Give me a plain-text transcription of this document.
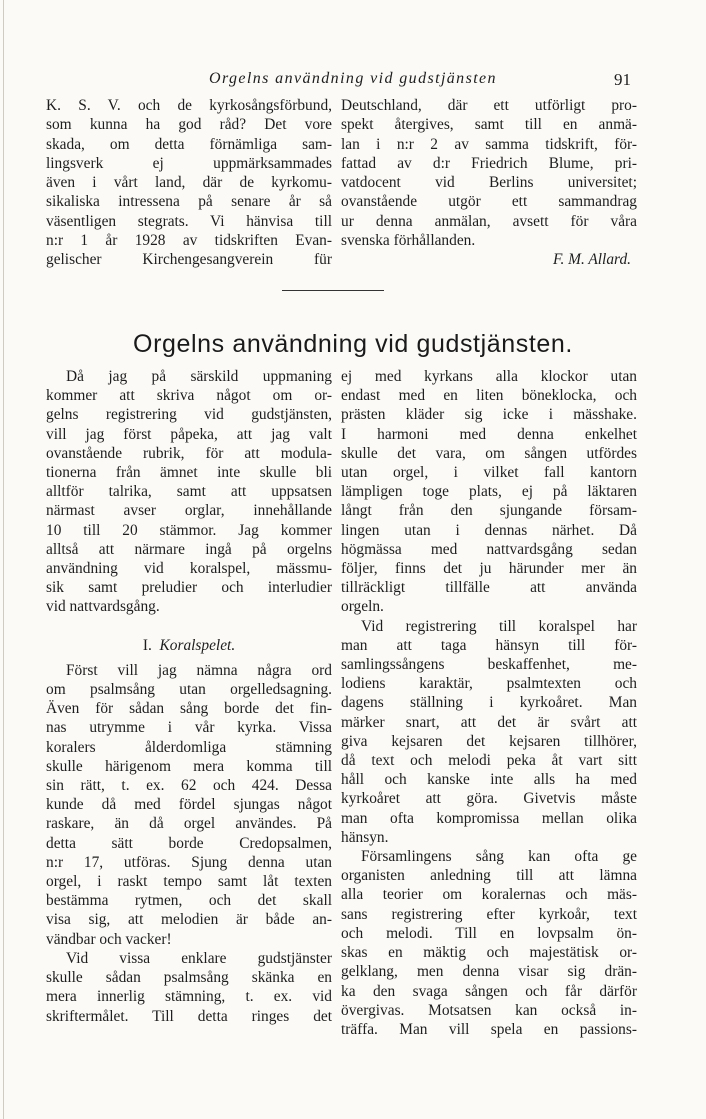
Orgelns användning vid gudstjänsten	91
K. S. V. och de kyrkosångsförbund,
som kunna ha god råd? Det vore
skada, om detta förnämliga sam-
lingsverk ej uppmärksammades
även i vårt land, där de kyrkomu-
sikaliska intressena på senare år så
väsentligen stegrats. Vi hänvisa till
n:r 1 år 1928 av tidskriften Evan-
gelischer Kirchengesangverein für
Deutschland, där ett utförligt pro-
spekt återgives, samt till en anmä-
lan i n:r 2 av samma tidskrift, för-
fattad av d:r Friedrich Blume, pri-
vatdocent vid Berlins universitet;
ovanstående utgör ett sammandrag
ur denna anmälan, avsett för våra
svenska förhållanden.
F. M. Allard.
Orgelns användning vid gudstjänsten.
Då jag på särskild uppmaning
kommer att skriva något om or-
gelns registrering vid gudstjänsten,
vill jag först påpeka, att jag valt
ovanstående rubrik, för att modula-
tionerna från ämnet inte skulle bli
alltför talrika, samt att uppsatsen
närmast avser orglar, innehållande
10 till 20 stämmor. Jag kommer
alltså att närmare ingå på orgelns
användning vid koralspel, mässmu-
sik samt preludier och interludier
vid nattvardsgång.
I. Koralspelet.
Först vill jag nämna några ord
om psalmsång utan orgelledsagning.
Även för sådan sång borde det fin-
nas utrymme i vår kyrka. Vissa
koralers ålderdomliga stämning
skulle härigenom mera komma till
sin rätt, t. ex. 62 och 424. Dessa
kunde då med fördel sjungas något
raskare, än då orgel användes. På
detta sätt borde Credopsalmen,
n:r 17, utföras. Sjung denna utan
orgel, i raskt tempo samt låt texten
bestämma rytmen, och det skall
visa sig, att melodien är både an-
vändbar och vacker!
Vid vissa enklare gudstjänster
skulle sådan psalmsång skänka en
mera innerlig stämning, t. ex. vid
skriftermålet. Till detta ringes det
ej med kyrkans alla klockor utan
endast med en liten böneklocka, och
prästen kläder sig icke i mässhake.
I harmoni med denna enkelhet
skulle det vara, om sången utfördes
utan orgel, i vilket fall kantorn
lämpligen toge plats, ej på läktaren
långt från den sjungande försam-
lingen utan i dennas närhet. Då
högmässa med nattvardsgång sedan
följer, finns det ju härunder mer än
tillräckligt tillfälle att använda
orgeln.
Vid registrering till koralspel har
man att taga hänsyn till för-
samlingssångens beskaffenhet, me-
lodiens karaktär, psalmtexten och
dagens ställning i kyrkoåret. Man
märker snart, att det är svårt att
giva kejsaren det kejsaren tillhörer,
då text och melodi peka åt vart sitt
håll och kanske inte alls ha med
kyrkoåret att göra. Givetvis måste
man ofta kompromissa mellan olika
hänsyn.
Församlingens sång kan ofta ge
organisten anledning till att lämna
alla teorier om koralernas och mäs-
sans registrering efter kyrkoår, text
och melodi. Till en lovpsalm ön-
skas en mäktig och majestätisk or-
gelklang, men denna visar sig drän-
ka den svaga sången och får därför
övergivas. Motsatsen kan också in-
träffa. Man vill spela en passions-
